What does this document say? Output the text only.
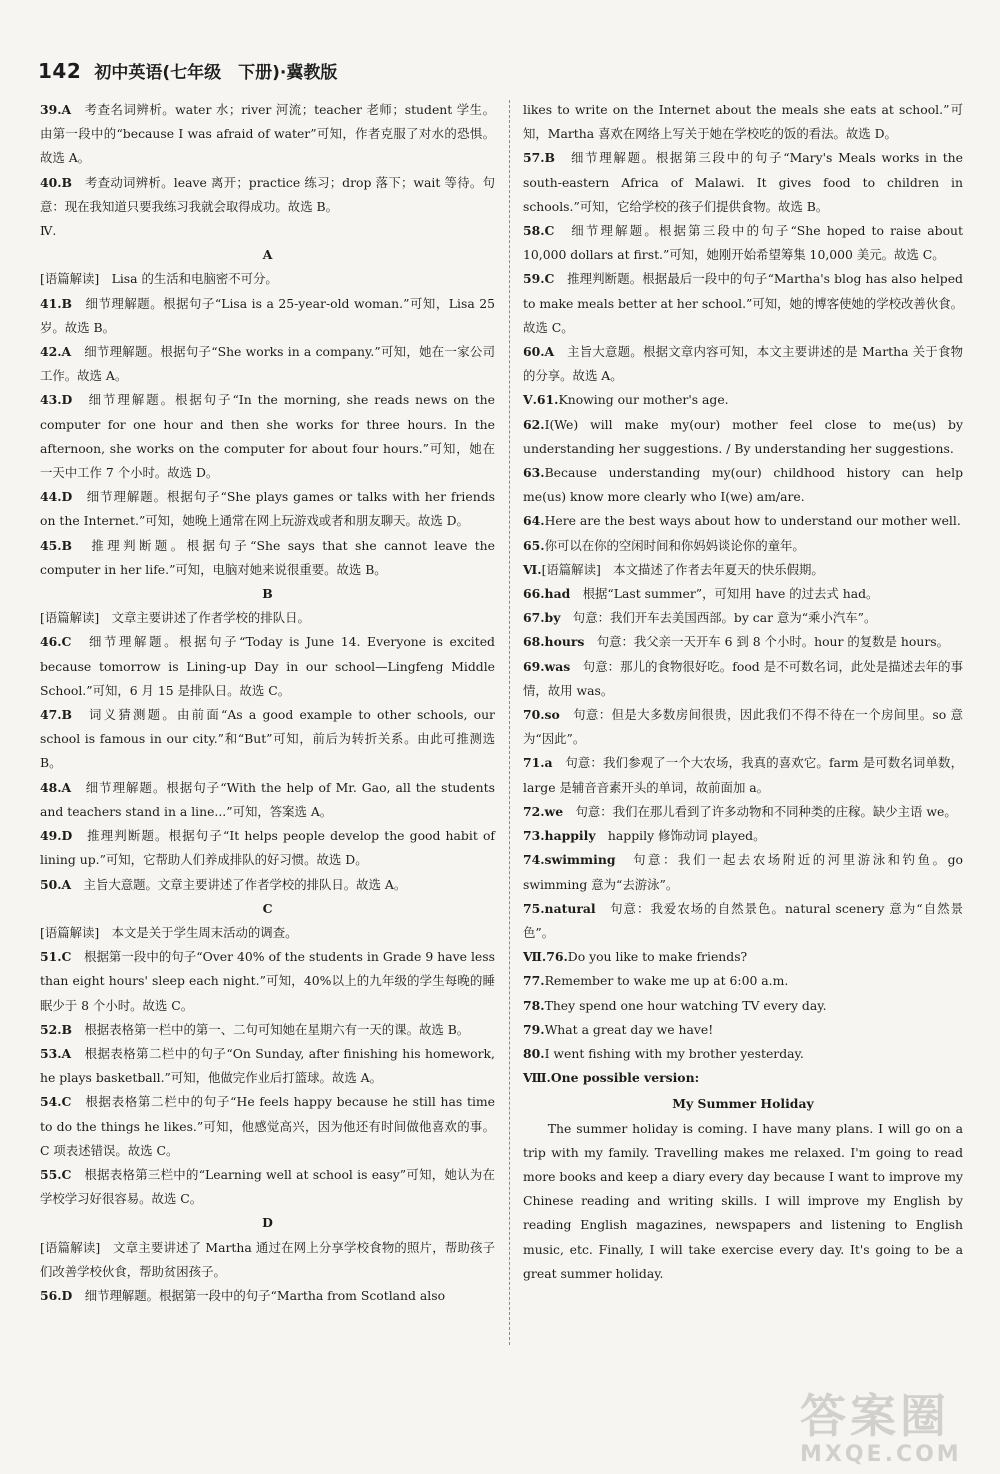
142 初中英语(七年级　下册)·冀教版

39.A　考查名词辨析。water 水；river 河流；teacher 老师；student 学生。由第一段中的“because I was afraid of water”可知，作者克服了对水的恐惧。故选 A。

40.B　考查动词辨析。leave 离开；practice 练习；drop 落下；wait 等待。句意：现在我知道只要我练习我就会取得成功。故选 B。

Ⅳ.

A

[语篇解读]　Lisa 的生活和电脑密不可分。

41.B　细节理解题。根据句子“Lisa is a 25-year-old woman.”可知，Lisa 25 岁。故选 B。

42.A　细节理解题。根据句子“She works in a company.”可知，她在一家公司工作。故选 A。

43.D　细节理解题。根据句子“In the morning, she reads news on the computer for one hour and then she works for three hours. In the afternoon, she works on the computer for about four hours.”可知，她在一天中工作 7 个小时。故选 D。

44.D　细节理解题。根据句子“She plays games or talks with her friends on the Internet.”可知，她晚上通常在网上玩游戏或者和朋友聊天。故选 D。

45.B　推理判断题。根据句子“She says that she cannot leave the computer in her life.”可知，电脑对她来说很重要。故选 B。

B

[语篇解读]　文章主要讲述了作者学校的排队日。

46.C　细节理解题。根据句子“Today is June 14. Everyone is excited because tomorrow is Lining-up Day in our school—Lingfeng Middle School.”可知，6 月 15 是排队日。故选 C。

47.B　词义猜测题。由前面“As a good example to other schools, our school is famous in our city.”和“But”可知，前后为转折关系。由此可推测选 B。

48.A　细节理解题。根据句子“With the help of Mr. Gao, all the students and teachers stand in a line...”可知，答案选 A。

49.D　推理判断题。根据句子“It helps people develop the good habit of lining up.”可知，它帮助人们养成排队的好习惯。故选 D。

50.A　主旨大意题。文章主要讲述了作者学校的排队日。故选 A。

C

[语篇解读]　本文是关于学生周末活动的调查。

51.C　根据第一段中的句子“Over 40% of the students in Grade 9 have less than eight hours' sleep each night.”可知，40%以上的九年级的学生每晚的睡眠少于 8 个小时。故选 C。

52.B　根据表格第一栏中的第一、二句可知她在星期六有一天的课。故选 B。

53.A　根据表格第二栏中的句子“On Sunday, after finishing his homework, he plays basketball.”可知，他做完作业后打篮球。故选 A。

54.C　根据表格第二栏中的句子“He feels happy because he still has time to do the things he likes.”可知，他感觉高兴，因为他还有时间做他喜欢的事。C 项表述错误。故选 C。

55.C　根据表格第三栏中的“Learning well at school is easy”可知，她认为在学校学习好很容易。故选 C。

D

[语篇解读]　文章主要讲述了 Martha 通过在网上分享学校食物的照片，帮助孩子们改善学校伙食，帮助贫困孩子。

56.D　细节理解题。根据第一段中的句子“Martha from Scotland also

likes to write on the Internet about the meals she eats at school.”可知，Martha 喜欢在网络上写关于她在学校吃的饭的看法。故选 D。

57.B　细节理解题。根据第三段中的句子“Mary's Meals works in the south-eastern Africa of Malawi. It gives food to children in schools.”可知，它给学校的孩子们提供食物。故选 B。

58.C　细节理解题。根据第三段中的句子“She hoped to raise about 10,000 dollars at first.”可知，她刚开始希望筹集 10,000 美元。故选 C。

59.C　推理判断题。根据最后一段中的句子“Martha's blog has also helped to make meals better at her school.”可知，她的博客使她的学校改善伙食。故选 C。

60.A　主旨大意题。根据文章内容可知，本文主要讲述的是 Martha 关于食物的分享。故选 A。

Ⅴ.61.Knowing our mother's age.

62.I(We) will make my(our) mother feel close to me(us) by understanding her suggestions. / By understanding her suggestions.

63.Because understanding my(our) childhood history can help me(us) know more clearly who I(we) am/are.

64.Here are the best ways about how to understand our mother well.

65.你可以在你的空闲时间和你妈妈谈论你的童年。

Ⅵ.[语篇解读]　本文描述了作者去年夏天的快乐假期。

66.had　根据“Last summer”，可知用 have 的过去式 had。

67.by　句意：我们开车去美国西部。by car 意为“乘小汽车”。

68.hours　句意：我父亲一天开车 6 到 8 个小时。hour 的复数是 hours。

69.was　句意：那儿的食物很好吃。food 是不可数名词，此处是描述去年的事情，故用 was。

70.so　句意：但是大多数房间很贵，因此我们不得不待在一个房间里。so 意为“因此”。

71.a　句意：我们参观了一个大农场，我真的喜欢它。farm 是可数名词单数，large 是辅音音素开头的单词，故前面加 a。

72.we　句意：我们在那儿看到了许多动物和不同种类的庄稼。缺少主语 we。

73.happily　happily 修饰动词 played。

74.swimming　句意：我们一起去农场附近的河里游泳和钓鱼。go swimming 意为“去游泳”。

75.natural　句意：我爱农场的自然景色。natural scenery 意为“自然景色”。

Ⅶ.76.Do you like to make friends?

77.Remember to wake me up at 6:00 a.m.

78.They spend one hour watching TV every day.

79.What a great day we have!

80.I went fishing with my brother yesterday.

Ⅷ.One possible version:

My Summer Holiday

The summer holiday is coming. I have many plans. I will go on a trip with my family. Travelling makes me relaxed. I'm going to read more books and keep a diary every day because I want to improve my Chinese reading and writing skills. I will improve my English by reading English magazines, newspapers and listening to English music, etc. Finally, I will take exercise every day. It's going to be a great summer holiday.

答案圈
MXQE.COM
